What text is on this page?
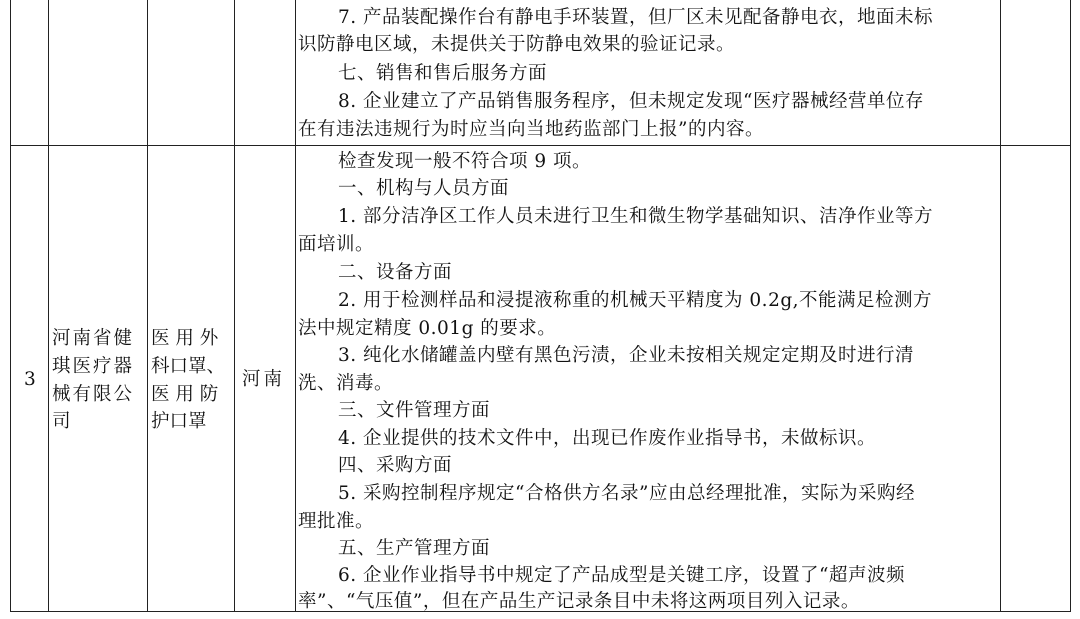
7. 产品装配操作台有静电手环装置，但厂区未见配备静电衣，地面未标
识防静电区域，未提供关于防静电效果的验证记录。
七、销售和售后服务方面
8. 企业建立了产品销售服务程序，但未规定发现“医疗器械经营单位存
在有违法违规行为时应当向当地药监部门上报”的内容。
3
河南省健
琪医疗器
械有限公
司
医 用 外
科口罩、
医 用 防
护口罩
河南
检查发现一般不符合项 9 项。
一、机构与人员方面
1. 部分洁净区工作人员未进行卫生和微生物学基础知识、洁净作业等方
面培训。
二、设备方面
2. 用于检测样品和浸提液称重的机械天平精度为 0.2g,不能满足检测方
法中规定精度 0.01g 的要求。
3. 纯化水储罐盖内壁有黑色污渍，企业未按相关规定定期及时进行清
洗、消毒。
三、文件管理方面
4. 企业提供的技术文件中，出现已作废作业指导书，未做标识。
四、采购方面
5. 采购控制程序规定“合格供方名录”应由总经理批准，实际为采购经
理批准。
五、生产管理方面
6. 企业作业指导书中规定了产品成型是关键工序，设置了“超声波频
率”、“气压值”，但在产品生产记录条目中未将这两项目列入记录。
